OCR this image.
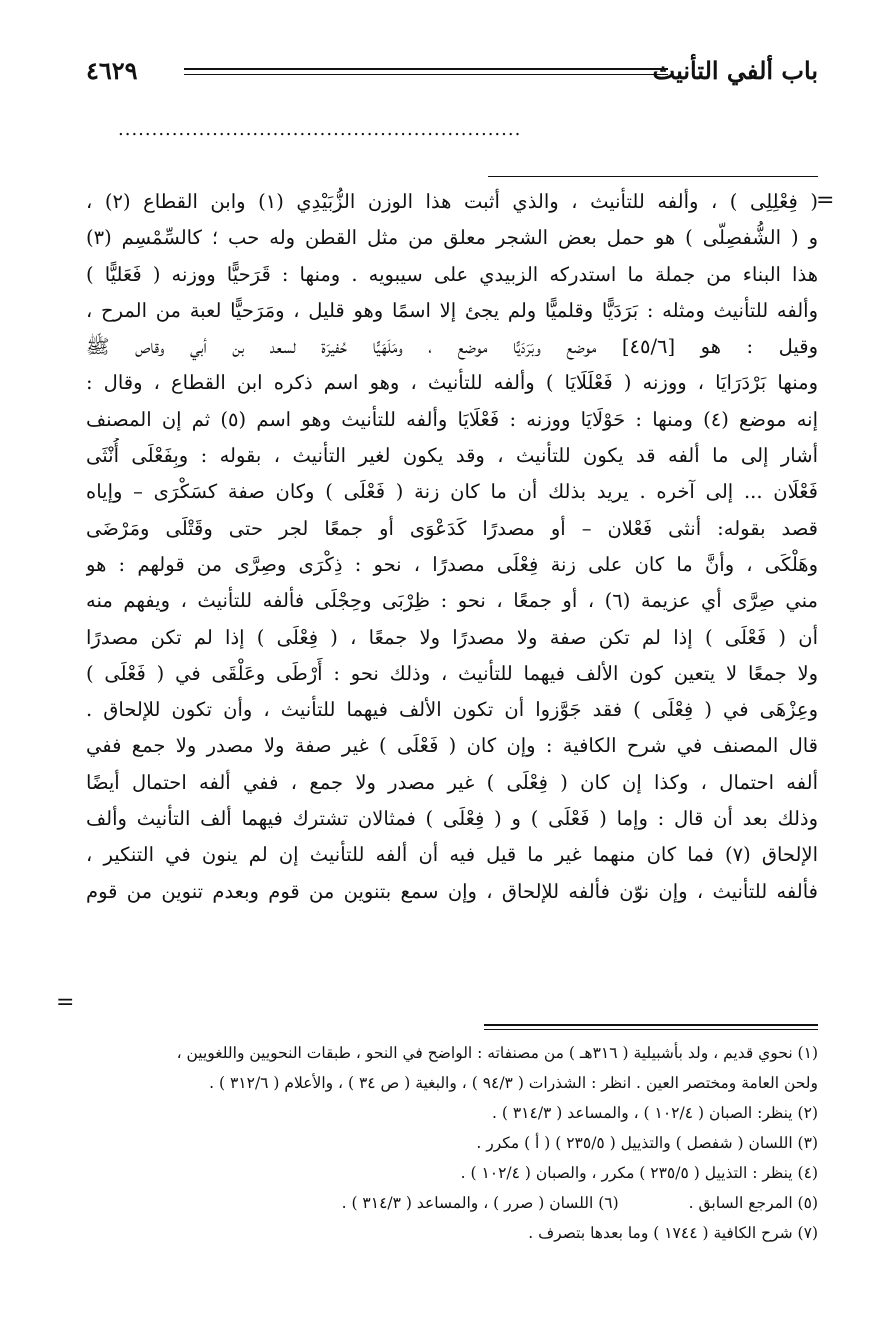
باب ألفي التأنيث
٤٦٢٩
............................................................
=
( فِعْلِلِى ) ، وألفه للتأنيث ، والذي أثبت هذا الوزن الزُّبَيْدِي (١) وابن القطاع (٢) ،
و ( الشُّفصِلّى ) هو حمل بعض الشجر معلق من مثل القطن وله حب ؛ كالسِّمْسِم (٣)
هذا البناء من جملة ما استدركه الزبيدي على سيبويه . ومنها : قَرَحيًّا ووزنه ( فَعَليًّا )
وألفه للتأنيث ومثله : بَرَدَيًّا وقلميًّا ولم يجئ إلا اسمًا وهو قليل ، ومَرَحيًّا لعبة من المرح ،
وقيل : هو [٤٥/٦] موضع وبَرَدَيًّا موضع ، ومَلَهَيًّا حُفيرَة لسعد بن أبي وقاص ﷺ
ومنها بَرْدَرَايَا ، ووزنه ( فَعْلَلَايَا ) وألفه للتأنيث ، وهو اسم ذكره ابن القطاع ، وقال :
إنه موضع (٤) ومنها : حَوْلَايَا ووزنه : فَعْلَايَا وألفه للتأنيث وهو اسم (٥) ثم إن المصنف
أشار إلى ما ألفه قد يكون للتأنيث ، وقد يكون لغير التأنيث ، بقوله : وبِفَعْلَى أُنْثَى
فَعْلَان ... إلى آخره . يريد بذلك أن ما كان زنة ( فَعْلَى ) وكان صفة كسَكْرَى – وإياه
قصد بقوله: أنثى فَعْلان – أو مصدرًا كَدَعْوَى أو جمعًا لجر حتى وقَتْلَى ومَرْضَى
وهَلْكَى ، وأنَّ ما كان على زنة فِعْلَى مصدرًا ، نحو : ذِكْرَى وصِرَّى من قولهم : هو
مني صِرَّى أي عزيمة (٦) ، أو جمعًا ، نحو : ظِرْبَى وحِجْلَى فألفه للتأنيث ، ويفهم منه
أن ( فَعْلَى ) إذا لم تكن صفة ولا مصدرًا ولا جمعًا ، ( فِعْلَى ) إذا لم تكن مصدرًا
ولا جمعًا لا يتعين كون الألف فيهما للتأنيث ، وذلك نحو : أَرْطَى وعَلْقَى في ( فَعْلَى )
وعِزْهَى في ( فِعْلَى ) فقد جَوَّزوا أن تكون الألف فيهما للتأنيث ، وأن تكون للإلحاق .
قال المصنف في شرح الكافية : وإن كان ( فَعْلَى ) غير صفة ولا مصدر ولا جمع ففي
ألفه احتمال ، وكذا إن كان ( فِعْلَى ) غير مصدر ولا جمع ، ففي ألفه احتمال أيضًا
وذلك بعد أن قال : وإما ( فَعْلَى ) و ( فِعْلَى ) فمثالان تشترك فيهما ألف التأنيث وألف
الإلحاق (٧) فما كان منهما غير ما قيل فيه أن ألفه للتأنيث إن لم ينون في التنكير ،
فألفه للتأنيث ، وإن نوّن فألفه للإلحاق ، وإن سمع بتنوين من قوم وبعدم تنوين من قوم
=
(١) نحوي قديم ، ولد بأشبيلية ( ٣١٦هـ ) من مصنفاته : الواضح في النحو ، طبقات النحويين واللغويين ،
ولحن العامة ومختصر العين . انظر : الشذرات ( ٩٤/٣ ) ، والبغية ( ص ٣٤ ) ، والأعلام ( ٣١٢/٦ ) .
(٢) ينظر: الصبان ( ١٠٢/٤ ) ، والمساعد ( ٣١٤/٣ ) .
(٣) اللسان ( شفصل ) والتذييل ( ٢٣٥/٥ ) ( أ ) مكرر .
(٤) ينظر : التذييل ( ٢٣٥/٥ ) مكرر ، والصبان ( ١٠٢/٤ ) .
(٥) المرجع السابق .(٦) اللسان ( صرر ) ، والمساعد ( ٣١٤/٣ ) .
(٧) شرح الكافية ( ١٧٤٤ ) وما بعدها بتصرف .
